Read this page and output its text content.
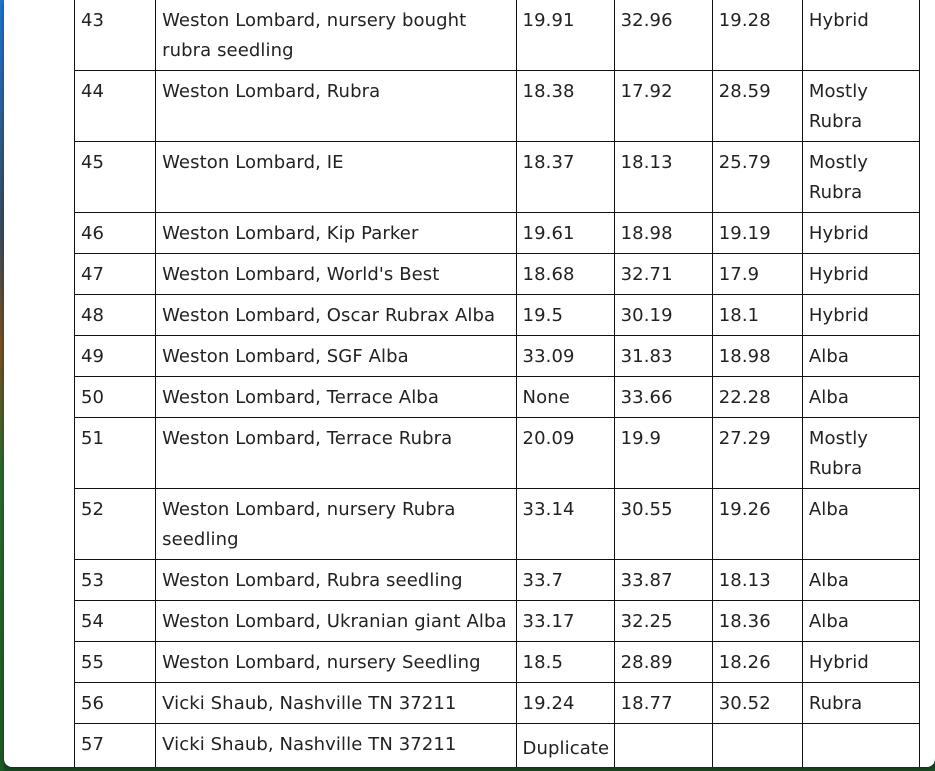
43	Weston Lombard, nursery bought rubra seedling	19.91	32.96	19.28	Hybrid
44	Weston Lombard, Rubra	18.38	17.92	28.59	Mostly Rubra
45	Weston Lombard, IE	18.37	18.13	25.79	Mostly Rubra
46	Weston Lombard, Kip Parker	19.61	18.98	19.19	Hybrid
47	Weston Lombard, World's Best	18.68	32.71	17.9	Hybrid
48	Weston Lombard, Oscar Rubrax Alba	19.5	30.19	18.1	Hybrid
49	Weston Lombard, SGF Alba	33.09	31.83	18.98	Alba
50	Weston Lombard, Terrace Alba	None	33.66	22.28	Alba
51	Weston Lombard, Terrace Rubra	20.09	19.9	27.29	Mostly Rubra
52	Weston Lombard, nursery Rubra seedling	33.14	30.55	19.26	Alba
53	Weston Lombard, Rubra seedling	33.7	33.87	18.13	Alba
54	Weston Lombard, Ukranian giant Alba	33.17	32.25	18.36	Alba
55	Weston Lombard, nursery Seedling	18.5	28.89	18.26	Hybrid
56	Vicki Shaub, Nashville TN 37211	19.24	18.77	30.52	Rubra
57	Vicki Shaub, Nashville TN 37211	Duplicate			
